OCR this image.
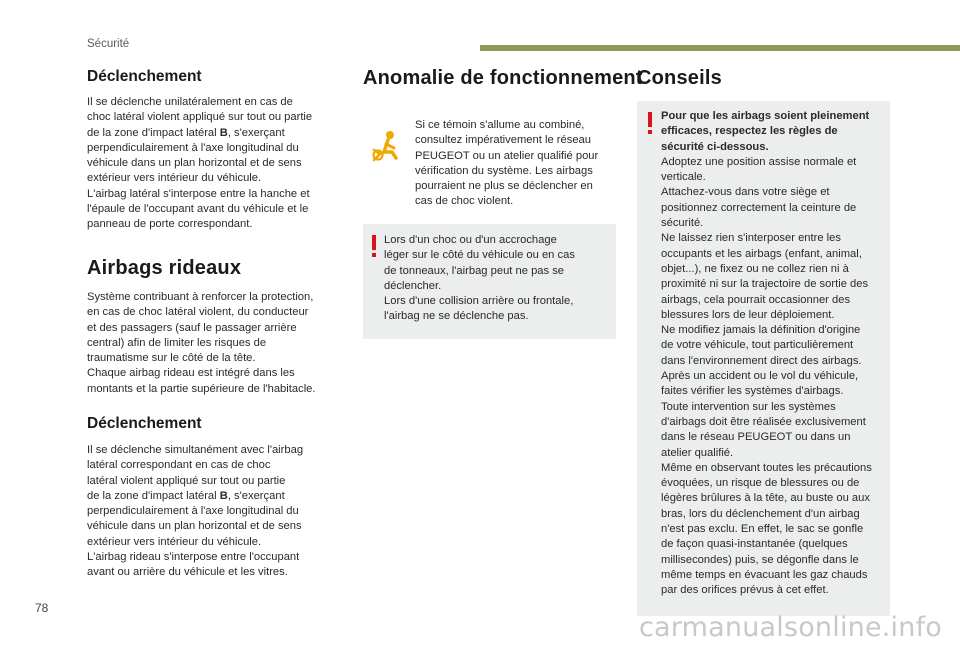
Sécurité
Déclenchement

Il se déclenche unilatéralement en cas de
choc latéral violent appliqué sur tout ou partie
de la zone d'impact latéral B, s'exerçant
perpendiculairement à l'axe longitudinal du
véhicule dans un plan horizontal et de sens
extérieur vers intérieur du véhicule.
L'airbag latéral s'interpose entre la hanche et
l'épaule de l'occupant avant du véhicule et le
panneau de porte correspondant.

Airbags rideaux

Système contribuant à renforcer la protection,
en cas de choc latéral violent, du conducteur
et des passagers (sauf le passager arrière
central) afin de limiter les risques de
traumatisme sur le côté de la tête.
Chaque airbag rideau est intégré dans les
montants et la partie supérieure de l'habitacle.

Déclenchement

Il se déclenche simultanément avec l'airbag
latéral correspondant en cas de choc
latéral violent appliqué sur tout ou partie
de la zone d'impact latéral B, s'exerçant
perpendiculairement à l'axe longitudinal du
véhicule dans un plan horizontal et de sens
extérieur vers intérieur du véhicule.
L'airbag rideau s'interpose entre l'occupant
avant ou arrière du véhicule et les vitres.

Anomalie de fonctionnement

Si ce témoin s'allume au combiné,
consultez impérativement le réseau
PEUGEOT ou un atelier qualifié pour
vérification du système. Les airbags
pourraient ne plus se déclencher en
cas de choc violent.

Lors d'un choc ou d'un accrochage
léger sur le côté du véhicule ou en cas
de tonneaux, l'airbag peut ne pas se
déclencher.
Lors d'une collision arrière ou frontale,
l'airbag ne se déclenche pas.

Conseils

Pour que les airbags soient pleinement
efficaces, respectez les règles de
sécurité ci-dessous.
Adoptez une position assise normale et
verticale.
Attachez-vous dans votre siège et
positionnez correctement la ceinture de
sécurité.
Ne laissez rien s'interposer entre les
occupants et les airbags (enfant, animal,
objet...), ne fixez ou ne collez rien ni à
proximité ni sur la trajectoire de sortie des
airbags, cela pourrait occasionner des
blessures lors de leur déploiement.
Ne modifiez jamais la définition d'origine
de votre véhicule, tout particulièrement
dans l'environnement direct des airbags.
Après un accident ou le vol du véhicule,
faites vérifier les systèmes d'airbags.
Toute intervention sur les systèmes
d'airbags doit être réalisée exclusivement
dans le réseau PEUGEOT ou dans un
atelier qualifié.
Même en observant toutes les précautions
évoquées, un risque de blessures ou de
légères brûlures à la tête, au buste ou aux
bras, lors du déclenchement d'un airbag
n'est pas exclu. En effet, le sac se gonfle
de façon quasi-instantanée (quelques
millisecondes) puis, se dégonfle dans le
même temps en évacuant les gaz chauds
par des orifices prévus à cet effet.

78
carmanualsonline.info
